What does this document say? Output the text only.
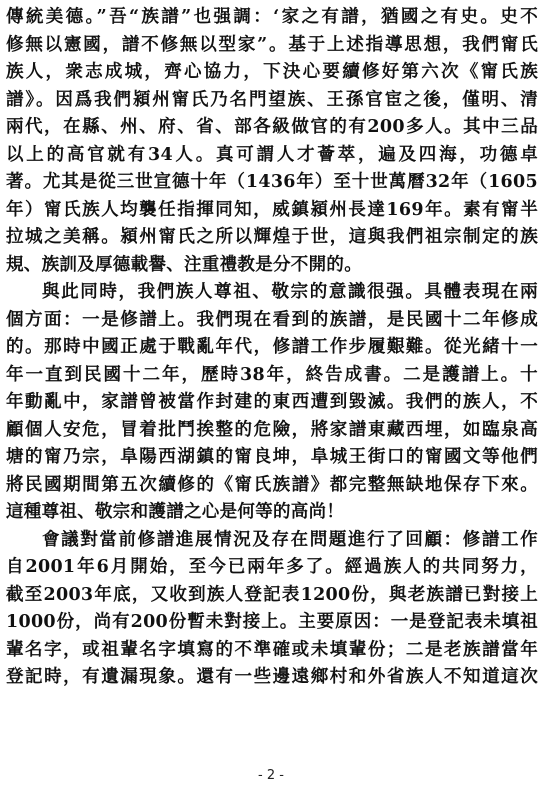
傳統美德。”吾“族譜”也强調：‘家之有譜，猶國之有史。史不
修無以憲國，譜不修無以型家”。基于上述指導思想，我們甯氏
族人，衆志成城，齊心協力，下決心要續修好第六次《甯氏族
譜》。因爲我們潁州甯氏乃名門望族、王孫官宦之後，僅明、清
兩代，在縣、州、府、省、部各級做官的有200多人。其中三品
以上的高官就有34人。真可謂人才薈萃，遍及四海，功德卓
著。尤其是從三世宣德十年（1436年）至十世萬曆32年（1605
年）甯氏族人均襲任指揮同知，威鎮潁州長達169年。素有甯半
拉城之美稱。潁州甯氏之所以輝煌于世，這與我們祖宗制定的族
規、族訓及厚德載譽、注重禮教是分不開的。
與此同時，我們族人尊祖、敬宗的意識很强。具體表現在兩
個方面：一是修譜上。我們現在看到的族譜，是民國十二年修成
的。那時中國正處于戰亂年代，修譜工作步履艱難。從光緒十一
年一直到民國十二年，歷時38年，終告成書。二是護譜上。十
年動亂中，家譜曾被當作封建的東西遭到毀滅。我們的族人，不
顧個人安危，冒着批鬥挨整的危險，將家譜東藏西埋，如臨泉高
塘的甯乃宗，阜陽西湖鎮的甯良坤，阜城王街口的甯國文等他們
將民國期間第五次續修的《甯氏族譜》都完整無缺地保存下來。
這種尊祖、敬宗和護譜之心是何等的高尚！
會議對當前修譜進展情況及存在問題進行了回顧：修譜工作
自2001年6月開始，至今已兩年多了。經過族人的共同努力，
截至2003年底，又收到族人登記表1200份，與老族譜已對接上
1000份，尚有200份暫未對接上。主要原因：一是登記表未填祖
輩名字，或祖輩名字填寫的不準確或未填輩份；二是老族譜當年
登記時，有遺漏現象。還有一些邊遠鄉村和外省族人不知道這次
- 2 -
